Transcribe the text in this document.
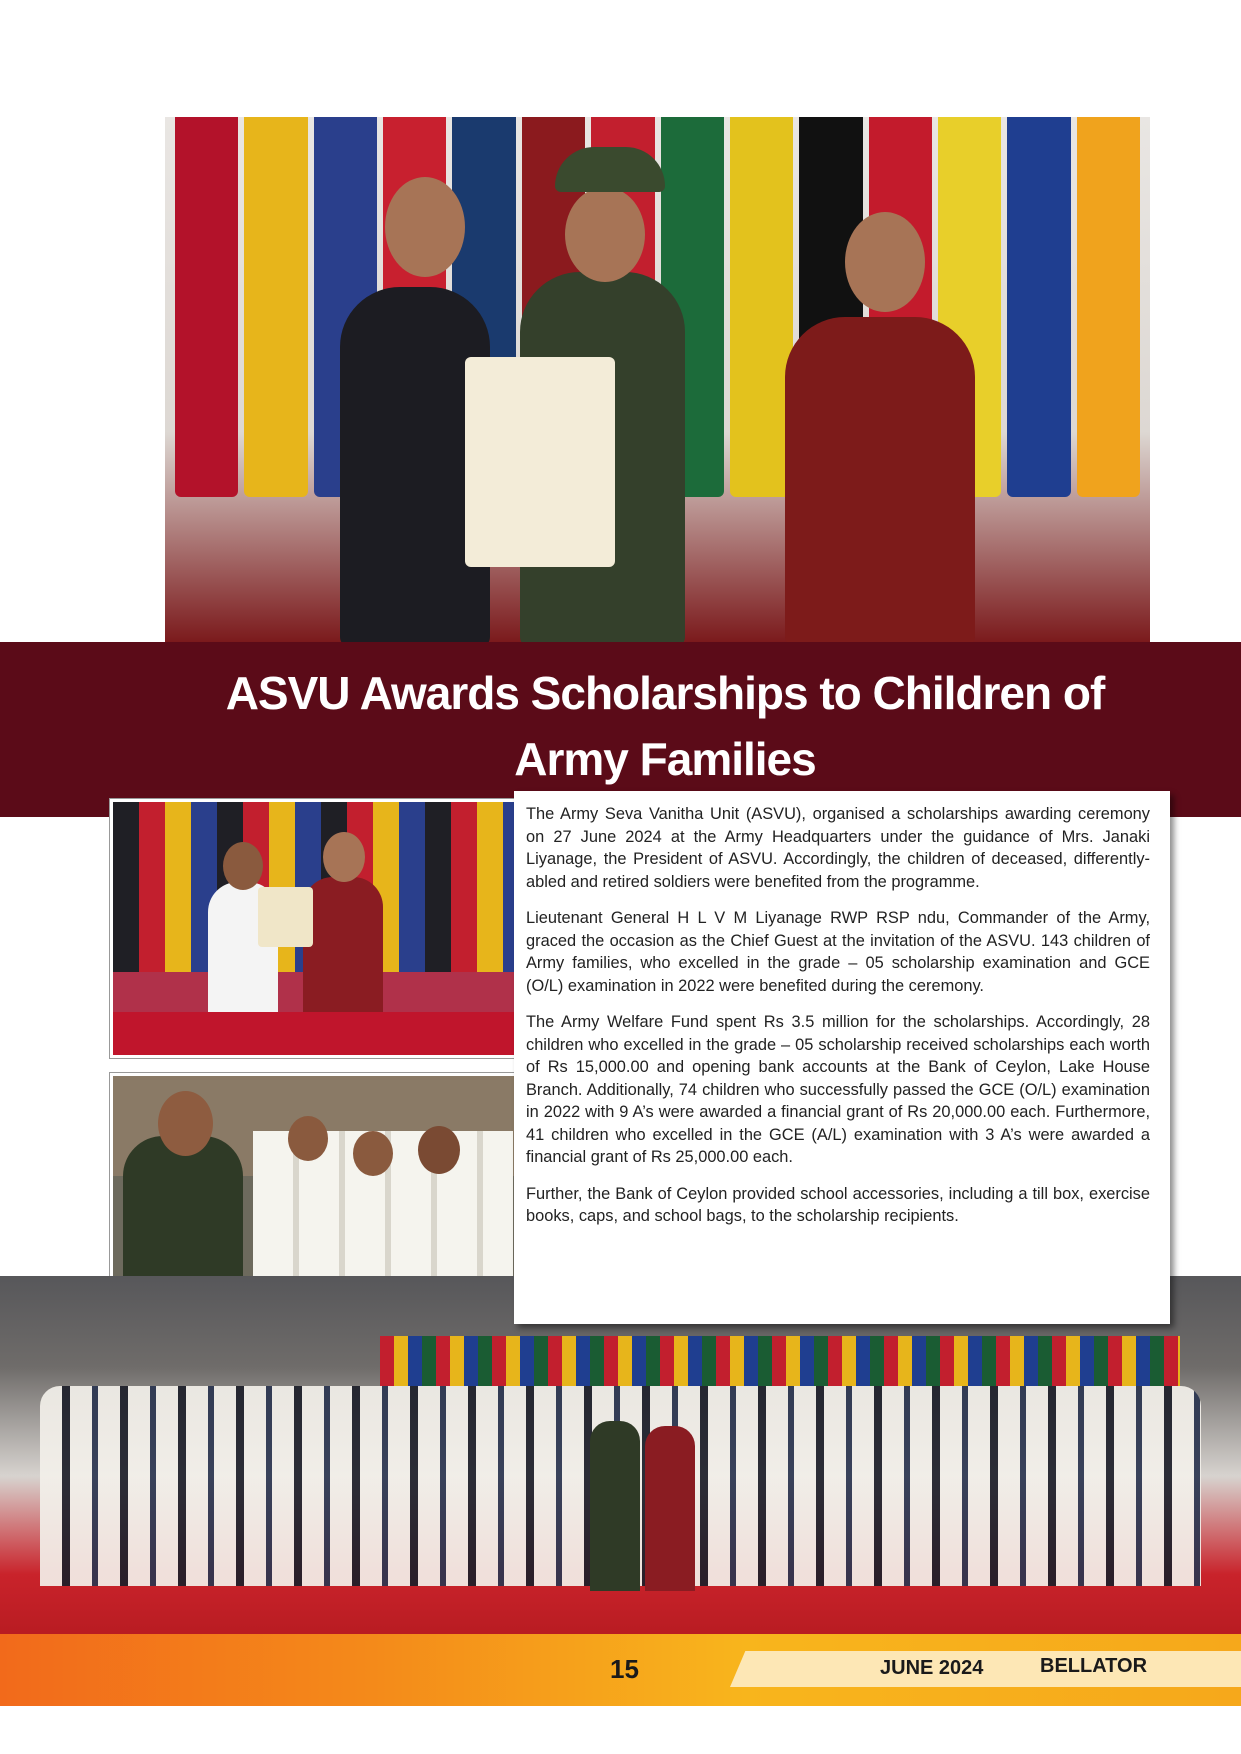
ASVU Awards Scholarships to Children of
Army Families

The Army Seva Vanitha Unit (ASVU), organised a scholarships awarding ceremony on 27 June 2024 at the Army Headquarters under the guidance of Mrs. Janaki Liyanage, the President of ASVU. Accordingly, the children of deceased, differently-abled and retired soldiers were benefited from the programme.

Lieutenant General H L V M Liyanage RWP RSP ndu, Commander of the Army, graced the occasion as the Chief Guest at the invitation of the ASVU. 143 children of Army families, who excelled in the grade – 05 scholarship examination and GCE (O/L) examination in 2022 were benefited during the ceremony.

The Army Welfare Fund spent Rs 3.5 million for the scholarships. Accordingly, 28 children who excelled in the grade – 05 scholarship received scholarships each worth of Rs 15,000.00 and opening bank accounts at the Bank of Ceylon, Lake House Branch. Additionally, 74 children who successfully passed the GCE (O/L) examination in 2022 with 9 A’s were awarded a financial grant of Rs 20,000.00 each. Furthermore, 41 children who excelled in the GCE (A/L) examination with 3 A’s were awarded a financial grant of Rs 25,000.00 each.

Further, the Bank of Ceylon provided school accessories, including a till box, exercise books, caps, and school bags, to the scholarship recipients.

15	JUNE 2024	BELLATOR
